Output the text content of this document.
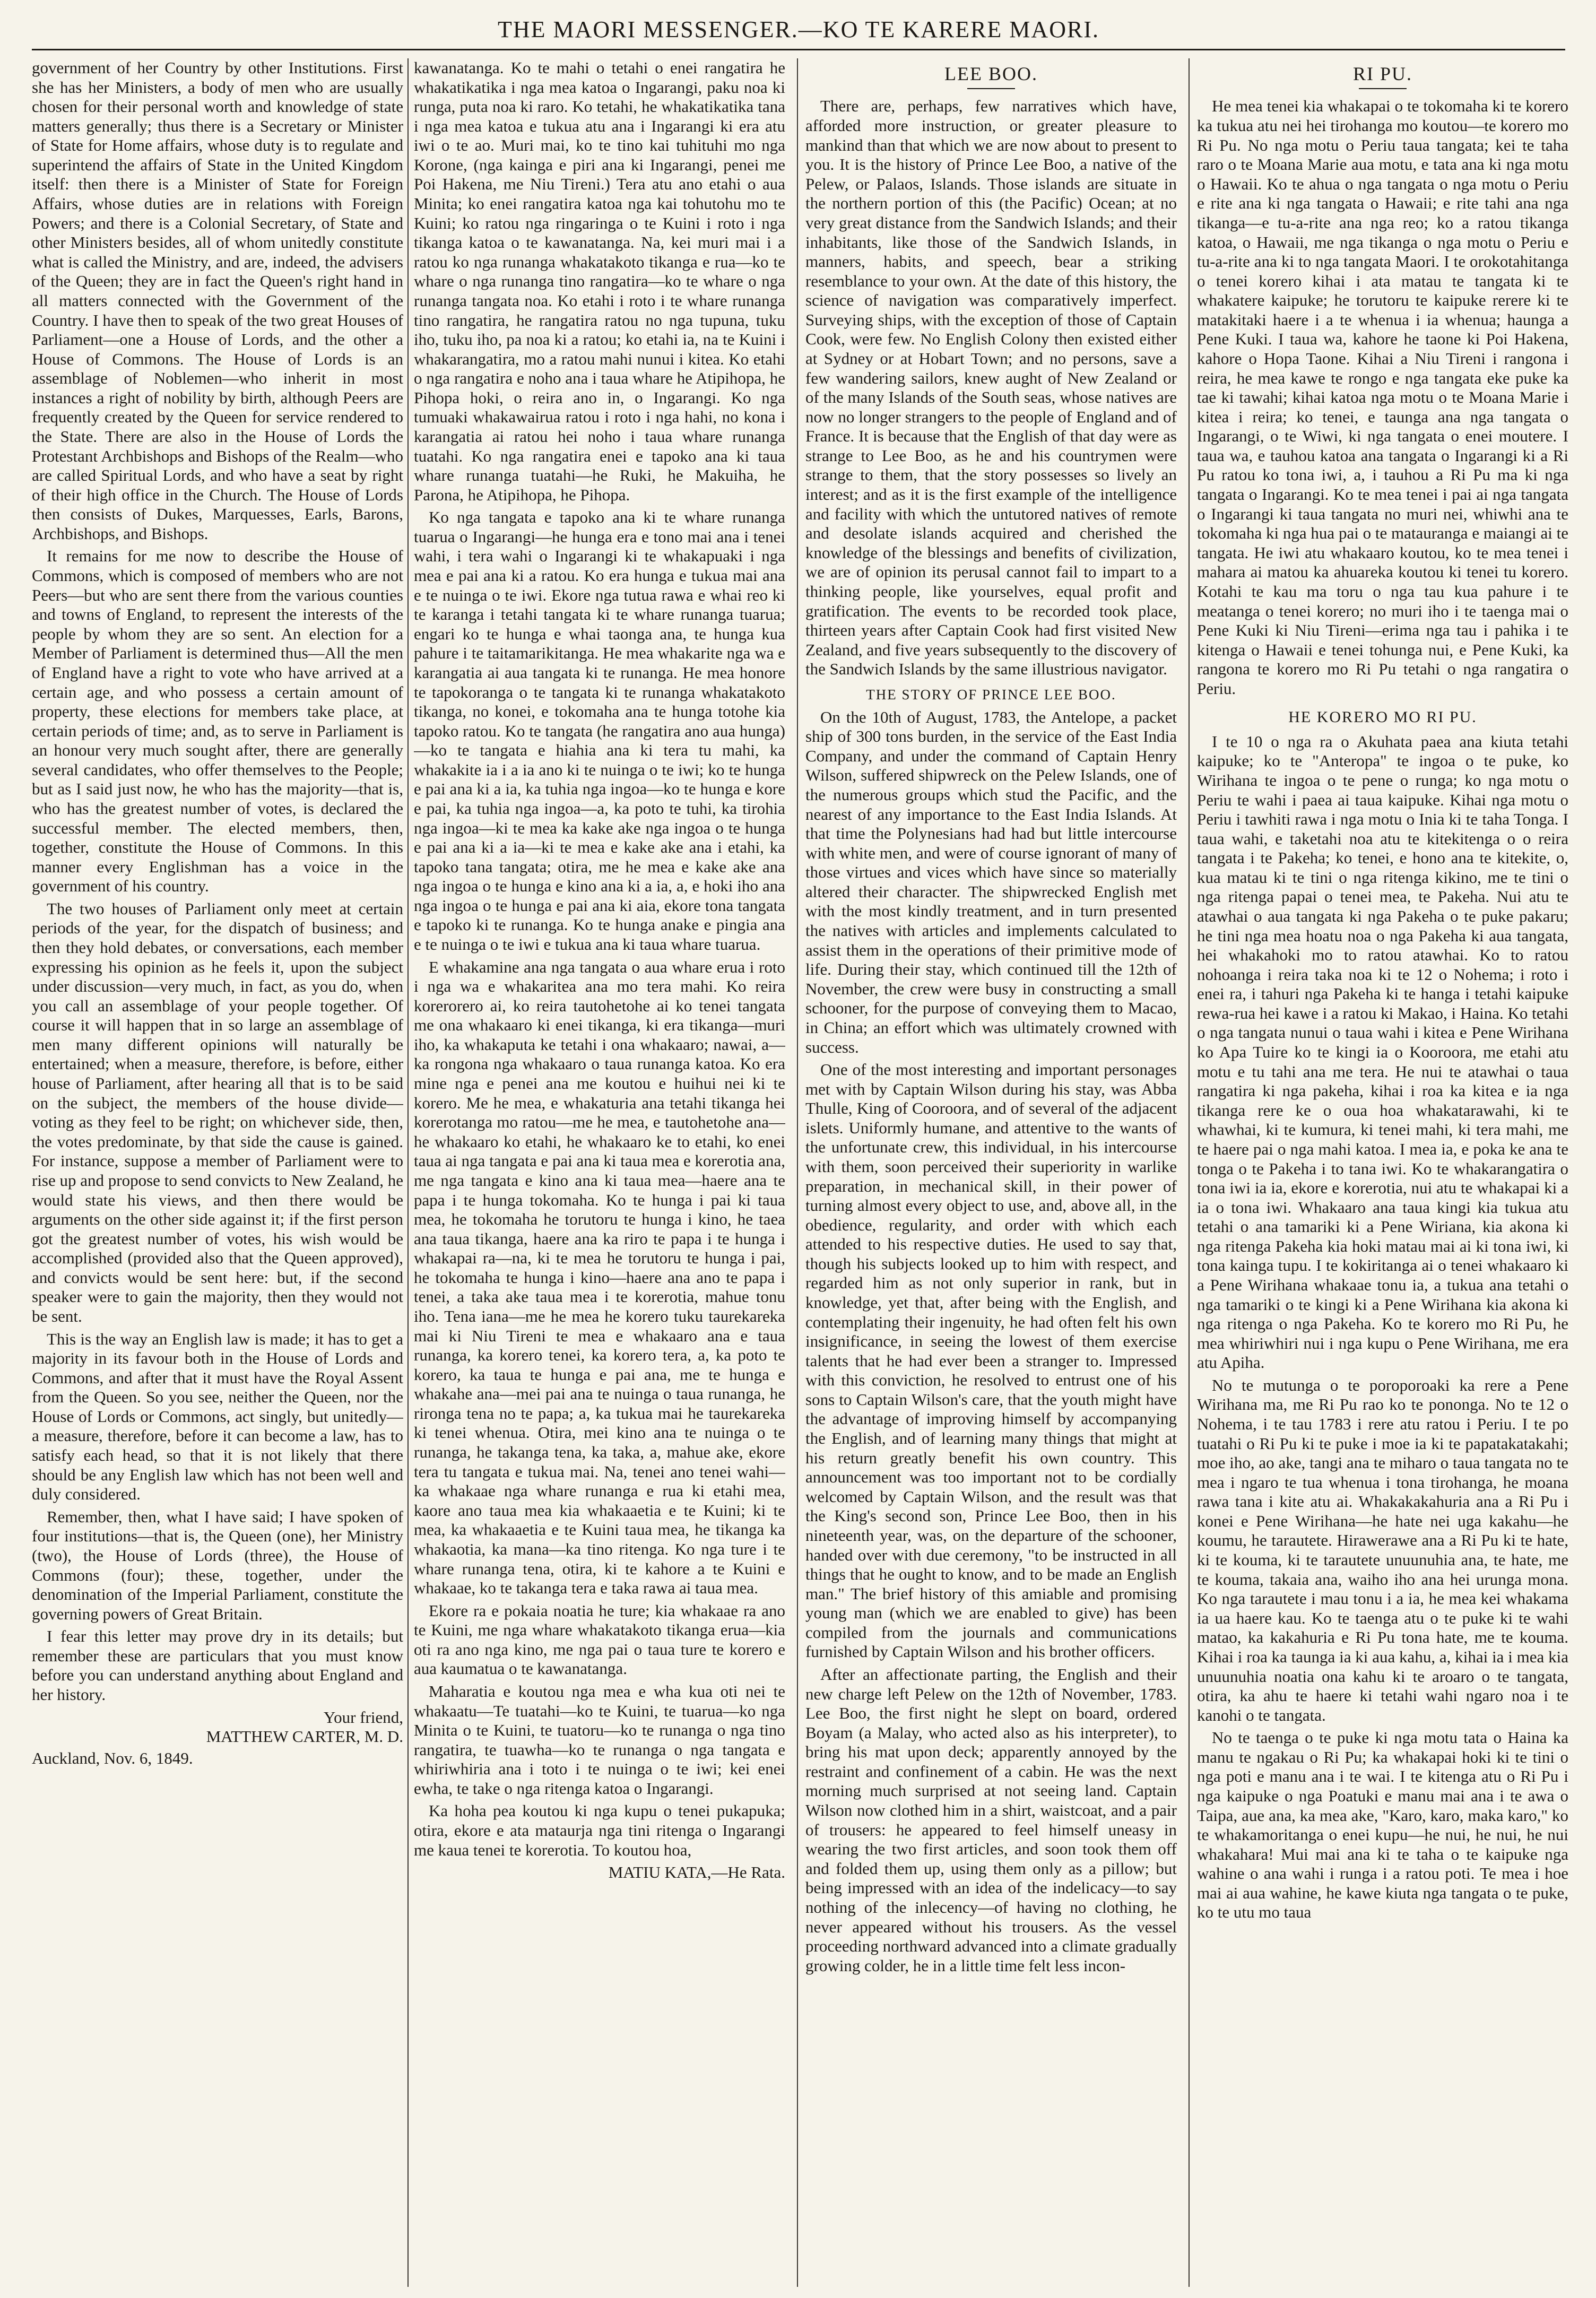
THE MAORI MESSENGER.—KO TE KARERE MAORI.

government of her Country by other Institutions. First she has her Ministers, a body of men who are usually chosen for their personal worth and knowledge of state matters generally; thus there is a Secretary or Minister of State for Home affairs, whose duty is to regulate and superintend the affairs of State in the United Kingdom itself: then there is a Minister of State for Foreign Affairs, whose duties are in relations with Foreign Powers; and there is a Colonial Secretary, of State and other Ministers besides, all of whom unitedly constitute what is called the Ministry, and are, indeed, the advisers of the Queen; they are in fact the Queen's right hand in all matters connected with the Government of the Country. I have then to speak of the two great Houses of Parliament—one a House of Lords, and the other a House of Commons. The House of Lords is an assemblage of Noblemen—who inherit in most instances a right of nobility by birth, although Peers are frequently created by the Queen for service rendered to the State. There are also in the House of Lords the Protestant Archbishops and Bishops of the Realm—who are called Spiritual Lords, and who have a seat by right of their high office in the Church. The House of Lords then consists of Dukes, Marquesses, Earls, Barons, Archbishops, and Bishops.

It remains for me now to describe the House of Commons, which is composed of members who are not Peers—but who are sent there from the various counties and towns of England, to represent the interests of the people by whom they are so sent. An election for a Member of Parliament is determined thus—All the men of England have a right to vote who have arrived at a certain age, and who possess a certain amount of property, these elections for members take place, at certain periods of time; and, as to serve in Parliament is an honour very much sought after, there are generally several candidates, who offer themselves to the People; but as I said just now, he who has the majority—that is, who has the greatest number of votes, is declared the successful member. The elected members, then, together, constitute the House of Commons. In this manner every Englishman has a voice in the government of his country.

The two houses of Parliament only meet at certain periods of the year, for the dispatch of business; and then they hold debates, or conversations, each member expressing his opinion as he feels it, upon the subject under discussion—very much, in fact, as you do, when you call an assemblage of your people together. Of course it will happen that in so large an assemblage of men many different opinions will naturally be entertained; when a measure, therefore, is before, either house of Parliament, after hearing all that is to be said on the subject, the members of the house divide—voting as they feel to be right; on whichever side, then, the votes predominate, by that side the cause is gained. For instance, suppose a member of Parliament were to rise up and propose to send convicts to New Zealand, he would state his views, and then there would be arguments on the other side against it; if the first person got the greatest number of votes, his wish would be accomplished (provided also that the Queen approved), and convicts would be sent here: but, if the second speaker were to gain the majority, then they would not be sent.

This is the way an English law is made; it has to get a majority in its favour both in the House of Lords and Commons, and after that it must have the Royal Assent from the Queen. So you see, neither the Queen, nor the House of Lords or Commons, act singly, but unitedly—a measure, therefore, before it can become a law, has to satisfy each head, so that it is not likely that there should be any English law which has not been well and duly considered.

Remember, then, what I have said; I have spoken of four institutions—that is, the Queen (one), her Ministry (two), the House of Lords (three), the House of Commons (four); these, together, under the denomination of the Imperial Parliament, constitute the governing powers of Great Britain.

I fear this letter may prove dry in its details; but remember these are particulars that you must know before you can understand anything about England and her history.

Your friend,
MATTHEW CARTER, M. D.
Auckland, Nov. 6, 1849.

kawanatanga. Ko te mahi o tetahi o enei rangatira he whakatikatika i nga mea katoa o Ingarangi, paku noa ki runga, puta noa ki raro. Ko tetahi, he whakatikatika tana i nga mea katoa e tukua atu ana i Ingarangi ki era atu iwi o te ao. Muri mai, ko te tino kai tuhituhi mo nga Korone, (nga kainga e piri ana ki Ingarangi, penei me Poi Hakena, me Niu Tireni.) Tera atu ano etahi o aua Minita; ko enei rangatira katoa nga kai tohutohu mo te Kuini; ko ratou nga ringaringa o te Kuini i roto i nga tikanga katoa o te kawanatanga. Na, kei muri mai i a ratou ko nga runanga whakatakoto tikanga e rua—ko te whare o nga runanga tino rangatira—ko te whare o nga runanga tangata noa. Ko etahi i roto i te whare runanga tino rangatira, he rangatira ratou no nga tupuna, tuku iho, tuku iho, pa noa ki a ratou; ko etahi ia, na te Kuini i whakarangatira, mo a ratou mahi nunui i kitea. Ko etahi o nga rangatira e noho ana i taua whare he Atipihopa, he Pihopa hoki, o reira ano in, o Ingarangi. Ko nga tumuaki whakawairua ratou i roto i nga hahi, no kona i karangatia ai ratou hei noho i taua whare runanga tuatahi. Ko nga rangatira enei e tapoko ana ki taua whare runanga tuatahi—he Ruki, he Makuiha, he Parona, he Atipihopa, he Pihopa.

Ko nga tangata e tapoko ana ki te whare runanga tuarua o Ingarangi—he hunga era e tono mai ana i tenei wahi, i tera wahi o Ingarangi ki te whakapuaki i nga mea e pai ana ki a ratou. Ko era hunga e tukua mai ana e te nuinga o te iwi. Ekore nga tutua rawa e whai reo ki te karanga i tetahi tangata ki te whare runanga tuarua; engari ko te hunga e whai taonga ana, te hunga kua pahure i te taitamarikitanga. He mea whakarite nga wa e karangatia ai aua tangata ki te runanga. He mea honore te tapokoranga o te tangata ki te runanga whakatakoto tikanga, no konei, e tokomaha ana te hunga totohe kia tapoko ratou. Ko te tangata (he rangatira ano aua hunga)—ko te tangata e hiahia ana ki tera tu mahi, ka whakakite ia i a ia ano ki te nuinga o te iwi; ko te hunga e pai ana ki a ia, ka tuhia nga ingoa—ko te hunga e kore e pai, ka tuhia nga ingoa—a, ka poto te tuhi, ka tirohia nga ingoa—ki te mea ka kake ake nga ingoa o te hunga e pai ana ki a ia—ki te mea e kake ake ana i etahi, ka tapoko tana tangata; otira, me he mea e kake ake ana nga ingoa o te hunga e kino ana ki a ia, a, e hoki iho ana nga ingoa o te hunga e pai ana ki aia, ekore tona tangata e tapoko ki te runanga. Ko te hunga anake e pingia ana e te nuinga o te iwi e tukua ana ki taua whare tuarua.

E whakamine ana nga tangata o aua whare erua i roto i nga wa e whakaritea ana mo tera mahi. Ko reira korerorero ai, ko reira tautohetohe ai ko tenei tangata me ona whakaaro ki enei tikanga, ki era tikanga—muri iho, ka whakaputa ke tetahi i ona whakaaro; nawai, a—ka rongona nga whakaaro o taua runanga katoa. Ko era mine nga e penei ana me koutou e huihui nei ki te korero. Me he mea, e whakaturia ana tetahi tikanga hei korerotanga mo ratou—me he mea, e tautohetohe ana—he whakaaro ko etahi, he whakaaro ke to etahi, ko enei taua ai nga tangata e pai ana ki taua mea e korerotia ana, me nga tangata e kino ana ki taua mea—haere ana te papa i te hunga tokomaha. Ko te hunga i pai ki taua mea, he tokomaha he torutoru te hunga i kino, he taea ana taua tikanga, haere ana ka riro te papa i te hunga i whakapai ra—na, ki te mea he torutoru te hunga i pai, he tokomaha te hunga i kino—haere ana ano te papa i tenei, a taka ake taua mea i te korerotia, mahue tonu iho. Tena iana—me he mea he korero tuku taurekareka mai ki Niu Tireni te mea e whakaaro ana e taua runanga, ka korero tenei, ka korero tera, a, ka poto te korero, ka taua te hunga e pai ana, me te hunga e whakahe ana—mei pai ana te nuinga o taua runanga, he rironga tena no te papa; a, ka tukua mai he taurekareka ki tenei whenua. Otira, mei kino ana te nuinga o te runanga, he takanga tena, ka taka, a, mahue ake, ekore tera tu tangata e tukua mai. Na, tenei ano tenei wahi—ka whakaae nga whare runanga e rua ki etahi mea, kaore ano taua mea kia whakaaetia e te Kuini; ki te mea, ka whakaaetia e te Kuini taua mea, he tikanga ka whakaotia, ka mana—ka tino ritenga. Ko nga ture i te whare runanga tena, otira, ki te kahore a te Kuini e whakaae, ko te takanga tera e taka rawa ai taua mea.

Ekore ra e pokaia noatia he ture; kia whakaae ra ano te Kuini, me nga whare whakatakoto tikanga erua—kia oti ra ano nga kino, me nga pai o taua ture te korero e aua kaumatua o te kawanatanga.

Maharatia e koutou nga mea e wha kua oti nei te whakaatu—Te tuatahi—ko te Kuini, te tuarua—ko nga Minita o te Kuini, te tuatoru—ko te runanga o nga tino rangatira, te tuawha—ko te runanga o nga tangata e whiriwhiria ana i toto i te nuinga o te iwi; kei enei ewha, te take o nga ritenga katoa o Ingarangi.

Ka hoha pea koutou ki nga kupu o tenei pukapuka; otira, ekore e ata mataurja nga tini ritenga o Ingarangi me kaua tenei te korerotia. To koutou hoa,

MATIU KATA,—He Rata.
LEE BOO.

There are, perhaps, few narratives which have, afforded more instruction, or greater pleasure to mankind than that which we are now about to present to you. It is the history of Prince Lee Boo, a native of the Pelew, or Palaos, Islands. Those islands are situate in the northern portion of this (the Pacific) Ocean; at no very great distance from the Sandwich Islands; and their inhabitants, like those of the Sandwich Islands, in manners, habits, and speech, bear a striking resemblance to your own. At the date of this history, the science of navigation was comparatively imperfect. Surveying ships, with the exception of those of Captain Cook, were few. No English Colony then existed either at Sydney or at Hobart Town; and no persons, save a few wandering sailors, knew aught of New Zealand or of the many Islands of the South seas, whose natives are now no longer strangers to the people of England and of France. It is because that the English of that day were as strange to Lee Boo, as he and his countrymen were strange to them, that the story possesses so lively an interest; and as it is the first example of the intelligence and facility with which the untutored natives of remote and desolate islands acquired and cherished the knowledge of the blessings and benefits of civilization, we are of opinion its perusal cannot fail to impart to a thinking people, like yourselves, equal profit and gratification. The events to be recorded took place, thirteen years after Captain Cook had first visited New Zealand, and five years subsequently to the discovery of the Sandwich Islands by the same illustrious navigator.

THE STORY OF PRINCE LEE BOO.

On the 10th of August, 1783, the Antelope, a packet ship of 300 tons burden, in the service of the East India Company, and under the command of Captain Henry Wilson, suffered shipwreck on the Pelew Islands, one of the numerous groups which stud the Pacific, and the nearest of any importance to the East India Islands. At that time the Polynesians had had but little intercourse with white men, and were of course ignorant of many of those virtues and vices which have since so materially altered their character. The shipwrecked English met with the most kindly treatment, and in turn presented the natives with articles and implements calculated to assist them in the operations of their primitive mode of life. During their stay, which continued till the 12th of November, the crew were busy in constructing a small schooner, for the purpose of conveying them to Macao, in China; an effort which was ultimately crowned with success.

One of the most interesting and important personages met with by Captain Wilson during his stay, was Abba Thulle, King of Cooroora, and of several of the adjacent islets. Uniformly humane, and attentive to the wants of the unfortunate crew, this individual, in his intercourse with them, soon perceived their superiority in warlike preparation, in mechanical skill, in their power of turning almost every object to use, and, above all, in the obedience, regularity, and order with which each attended to his respective duties. He used to say that, though his subjects looked up to him with respect, and regarded him as not only superior in rank, but in knowledge, yet that, after being with the English, and contemplating their ingenuity, he had often felt his own insignificance, in seeing the lowest of them exercise talents that he had ever been a stranger to. Impressed with this conviction, he resolved to entrust one of his sons to Captain Wilson's care, that the youth might have the advantage of improving himself by accompanying the English, and of learning many things that might at his return greatly benefit his own country. This announcement was too important not to be cordially welcomed by Captain Wilson, and the result was that the King's second son, Prince Lee Boo, then in his nineteenth year, was, on the departure of the schooner, handed over with due ceremony, "to be instructed in all things that he ought to know, and to be made an English man." The brief history of this amiable and promising young man (which we are enabled to give) has been compiled from the journals and communications furnished by Captain Wilson and his brother officers.

After an affectionate parting, the English and their new charge left Pelew on the 12th of November, 1783. Lee Boo, the first night he slept on board, ordered Boyam (a Malay, who acted also as his interpreter), to bring his mat upon deck; apparently annoyed by the restraint and confinement of a cabin. He was the next morning much surprised at not seeing land. Captain Wilson now clothed him in a shirt, waistcoat, and a pair of trousers: he appeared to feel himself uneasy in wearing the two first articles, and soon took them off and folded them up, using them only as a pillow; but being impressed with an idea of the indelicacy—to say nothing of the inlecency—of having no clothing, he never appeared without his trousers. As the vessel proceeding northward advanced into a climate gradually growing colder, he in a little time felt less incon-

RI PU.

He mea tenei kia whakapai o te tokomaha ki te korero ka tukua atu nei hei tirohanga mo koutou—te korero mo Ri Pu. No nga motu o Periu taua tangata; kei te taha raro o te Moana Marie aua motu, e tata ana ki nga motu o Hawaii. Ko te ahua o nga tangata o nga motu o Periu e rite ana ki nga tangata o Hawaii; e rite tahi ana nga tikanga—e tu-a-rite ana nga reo; ko a ratou tikanga katoa, o Hawaii, me nga tikanga o nga motu o Periu e tu-a-rite ana ki to nga tangata Maori. I te orokotahitanga o tenei korero kihai i ata matau te tangata ki te whakatere kaipuke; he torutoru te kaipuke rerere ki te matakitaki haere i a te whenua i ia whenua; haunga a Pene Kuki. I taua wa, kahore he taone ki Poi Hakena, kahore o Hopa Taone. Kihai a Niu Tireni i rangona i reira, he mea kawe te rongo e nga tangata eke puke ka tae ki tawahi; kihai katoa nga motu o te Moana Marie i kitea i reira; ko tenei, e taunga ana nga tangata o Ingarangi, o te Wiwi, ki nga tangata o enei moutere. I taua wa, e tauhou katoa ana tangata o Ingarangi ki a Ri Pu ratou ko tona iwi, a, i tauhou a Ri Pu ma ki nga tangata o Ingarangi. Ko te mea tenei i pai ai nga tangata o Ingarangi ki taua tangata no muri nei, whiwhi ana te tokomaha ki nga hua pai o te matauranga e maiangi ai te tangata. He iwi atu whakaaro koutou, ko te mea tenei i mahara ai matou ka ahuareka koutou ki tenei tu korero. Kotahi te kau ma toru o nga tau kua pahure i te meatanga o tenei korero; no muri iho i te taenga mai o Pene Kuki ki Niu Tireni—erima nga tau i pahika i te kitenga o Hawaii e tenei tohunga nui, e Pene Kuki, ka rangona te korero mo Ri Pu tetahi o nga rangatira o Periu.

HE KORERO MO RI PU.

I te 10 o nga ra o Akuhata paea ana kiuta tetahi kaipuke; ko te "Anteropa" te ingoa o te puke, ko Wirihana te ingoa o te pene o runga; ko nga motu o Periu te wahi i paea ai taua kaipuke. Kihai nga motu o Periu i tawhiti rawa i nga motu o Inia ki te taha Tonga. I taua wahi, e taketahi noa atu te kitekitenga o o reira tangata i te Pakeha; ko tenei, e hono ana te kitekite, o, kua matau ki te tini o nga ritenga kikino, me te tini o nga ritenga papai o tenei mea, te Pakeha. Nui atu te atawhai o aua tangata ki nga Pakeha o te puke pakaru; he tini nga mea hoatu noa o nga Pakeha ki aua tangata, hei whakahoki mo to ratou atawhai. Ko to ratou nohoanga i reira taka noa ki te 12 o Nohema; i roto i enei ra, i tahuri nga Pakeha ki te hanga i tetahi kaipuke rewa-rua hei kawe i a ratou ki Makao, i Haina. Ko tetahi o nga tangata nunui o taua wahi i kitea e Pene Wirihana ko Apa Tuire ko te kingi ia o Kooroora, me etahi atu motu e tu tahi ana me tera. He nui te atawhai o taua rangatira ki nga pakeha, kihai i roa ka kitea e ia nga tikanga rere ke o oua hoa whakatarawahi, ki te whawhai, ki te kumura, ki tenei mahi, ki tera mahi, me te haere pai o nga mahi katoa. I mea ia, e poka ke ana te tonga o te Pakeha i to tana iwi. Ko te whakarangatira o tona iwi ia ia, ekore e korerotia, nui atu te whakapai ki a ia o tona iwi. Whakaaro ana taua kingi kia tukua atu tetahi o ana tamariki ki a Pene Wiriana, kia akona ki nga ritenga Pakeha kia hoki matau mai ai ki tona iwi, ki tona kainga tupu. I te kokiritanga ai o tenei whakaaro ki a Pene Wirihana whakaae tonu ia, a tukua ana tetahi o nga tamariki o te kingi ki a Pene Wirihana kia akona ki nga ritenga o nga Pakeha. Ko te korero mo Ri Pu, he mea whiriwhiri nui i nga kupu o Pene Wirihana, me era atu Apiha.

No te mutunga o te poroporoaki ka rere a Pene Wirihana ma, me Ri Pu rao ko te pononga. No te 12 o Nohema, i te tau 1783 i rere atu ratou i Periu. I te po tuatahi o Ri Pu ki te puke i moe ia ki te papatakatakahi; moe iho, ao ake, tangi ana te miharo o taua tangata no te mea i ngaro te tua whenua i tona tirohanga, he moana rawa tana i kite atu ai. Whakakakahuria ana a Ri Pu i konei e Pene Wirihana—he hate nei uga kakahu—he koumu, he tarautete. Hirawerawe ana a Ri Pu ki te hate, ki te kouma, ki te tarautete unuunuhia ana, te hate, me te kouma, takaia ana, waiho iho ana hei urunga mona. Ko nga tarautete i mau tonu i a ia, he mea kei whakama ia ua haere kau. Ko te taenga atu o te puke ki te wahi matao, ka kakahuria e Ri Pu tona hate, me te kouma. Kihai i roa ka taunga ia ki aua kahu, a, kihai ia i mea kia unuunuhia noatia ona kahu ki te aroaro o te tangata, otira, ka ahu te haere ki tetahi wahi ngaro noa i te kanohi o te tangata.

No te taenga o te puke ki nga motu tata o Haina ka manu te ngakau o Ri Pu; ka whakapai hoki ki te tini o nga poti e manu ana i te wai. I te kitenga atu o Ri Pu i nga kaipuke o nga Poatuki e manu mai ana i te awa o Taipa, aue ana, ka mea ake, "Karo, karo, maka karo," ko te whakamoritanga o enei kupu—he nui, he nui, he nui whakahara! Mui mai ana ki te taha o te kaipuke nga wahine o ana wahi i runga i a ratou poti. Te mea i hoe mai ai aua wahine, he kawe kiuta nga tangata o te puke, ko te utu mo taua
